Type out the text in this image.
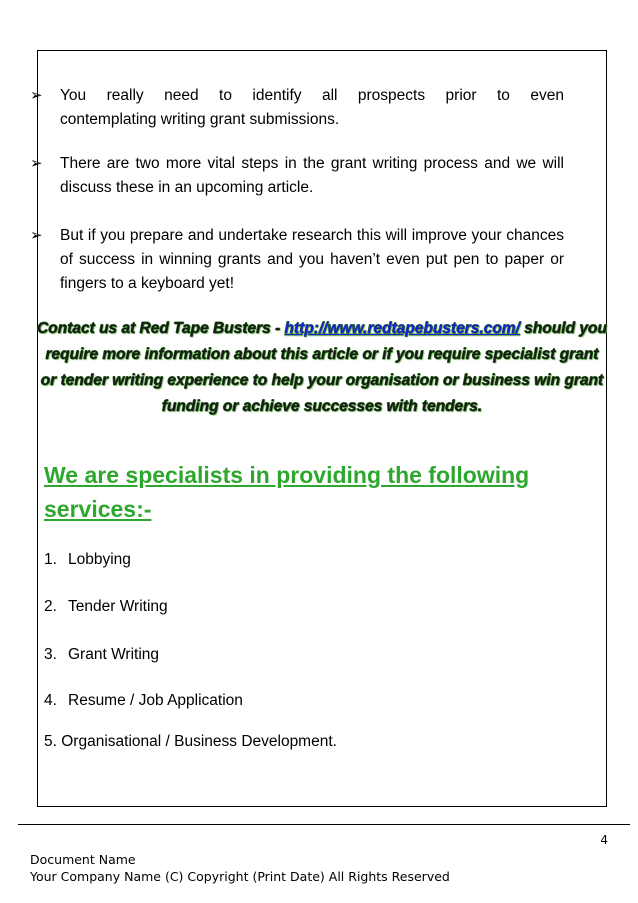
➢ You really need to identify all prospects prior to even
contemplating writing grant submissions.
➢ There are two more vital steps in the grant writing process and we will discuss these in an upcoming article.
➢ But if you prepare and undertake research this will improve your chances of success in winning grants and you haven’t even put pen to paper or fingers to a keyboard yet!
Contact us at Red Tape Busters - http://www.redtapebusters.com/ should you require more information about this article or if you require specialist grant or tender writing experience to help your organisation or business win grant funding or achieve successes with tenders.
We are specialists in providing the following services:-
1. Lobbying
2. Tender Writing
3. Grant Writing
4. Resume / Job Application
5. Organisational / Business Development.
4
Document Name
Your Company Name (C) Copyright (Print Date) All Rights Reserved
